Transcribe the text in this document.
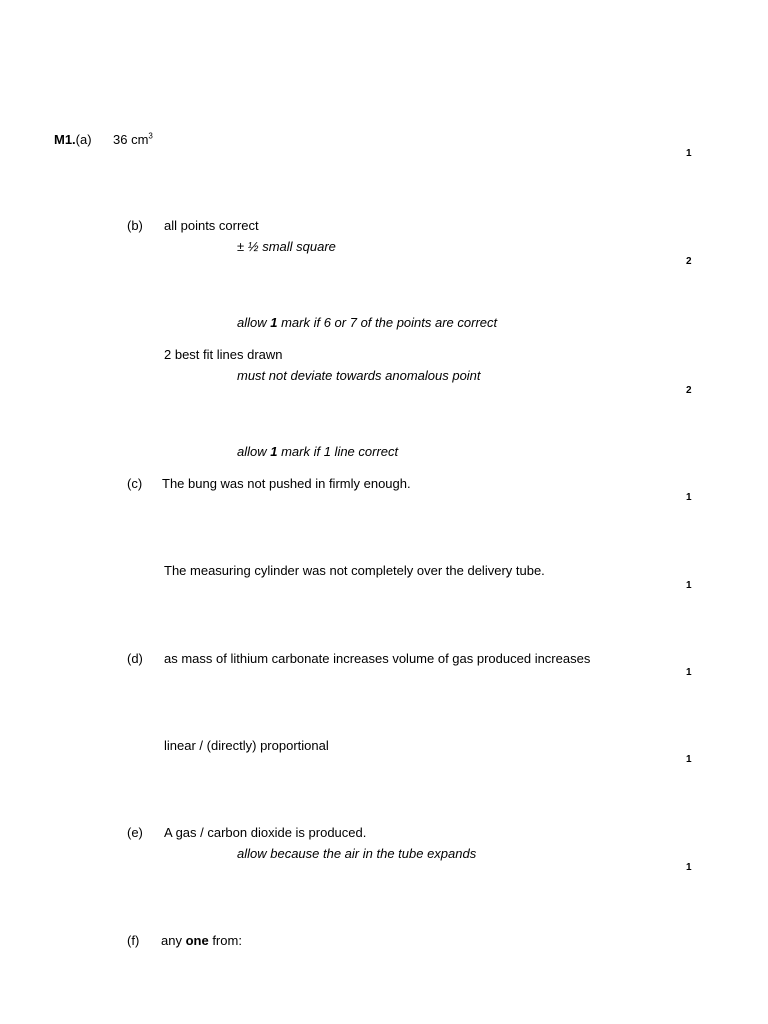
M1.(a) 36 $cm^3$
1
(b) all points correct
± ½ small square
2
allow 1 mark if 6 or 7 of the points are correct
2 best fit lines drawn
must not deviate towards anomalous point
2
allow 1 mark if 1 line correct
(c) The bung was not pushed in firmly enough.
1
The measuring cylinder was not completely over the delivery tube.
1
(d) as mass of lithium carbonate increases volume of gas produced increases
1
linear / (directly) proportional
1
(e) A gas / carbon dioxide is produced.
allow because the air in the tube expands
1
(f) any one from:
